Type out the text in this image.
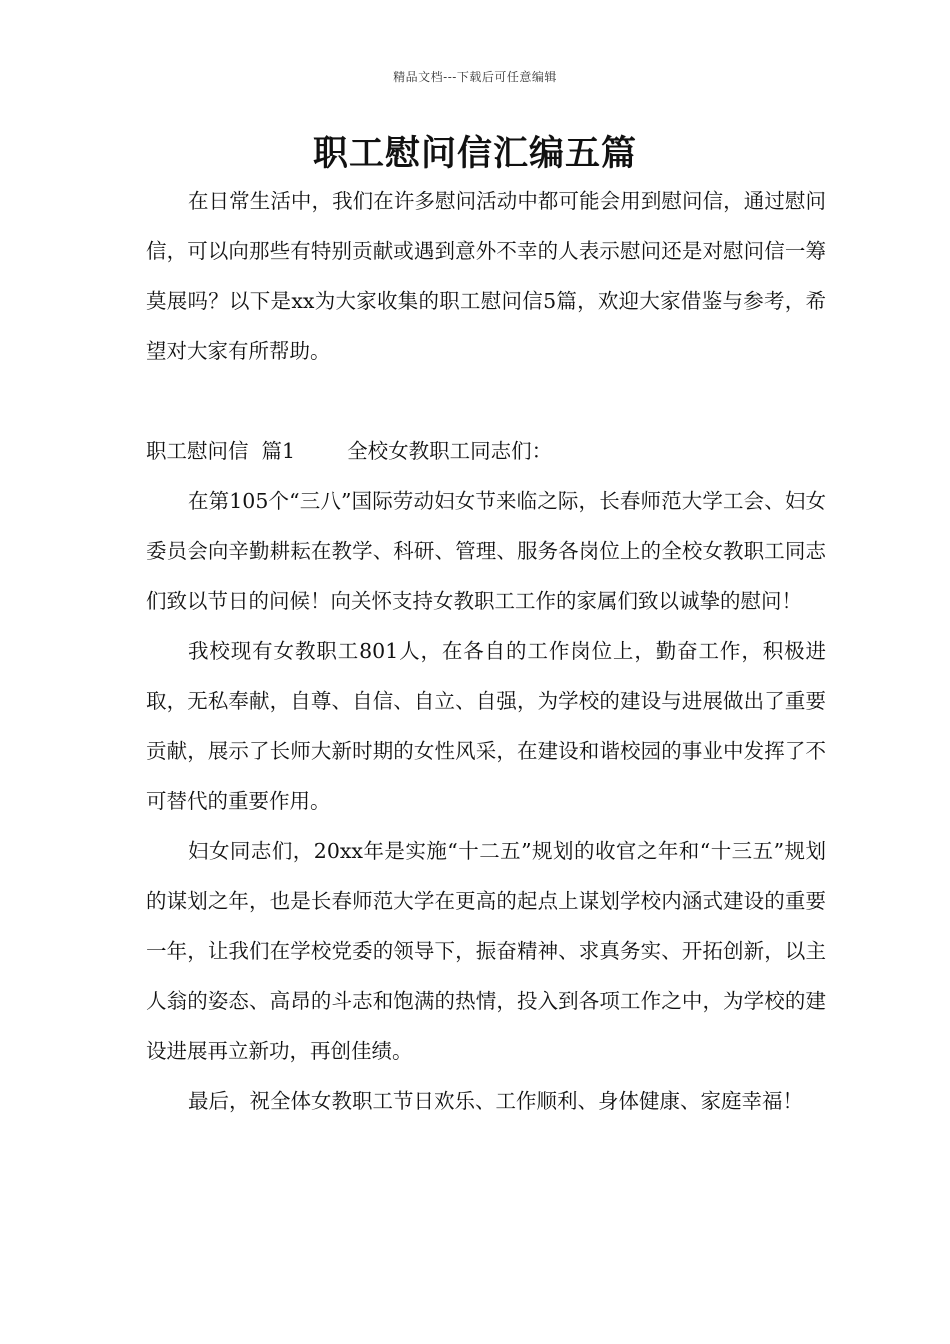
精品文档---下载后可任意编辑
职工慰问信汇编五篇

在日常生活中，我们在许多慰问活动中都可能会用到慰问信，通过慰问信，可以向那些有特别贡献或遇到意外不幸的人表示慰问还是对慰问信一筹莫展吗？以下是xx为大家收集的职工慰问信5篇，欢迎大家借鉴与参考，希望对大家有所帮助。

职工慰问信  篇1	全校女教职工同志们：

在第105个“三八”国际劳动妇女节来临之际，长春师范大学工会、妇女委员会向辛勤耕耘在教学、科研、管理、服务各岗位上的全校女教职工同志们致以节日的问候！向关怀支持女教职工工作的家属们致以诚挚的慰问！

我校现有女教职工801人，在各自的工作岗位上，勤奋工作，积极进取，无私奉献，自尊、自信、自立、自强，为学校的建设与进展做出了重要贡献，展示了长师大新时期的女性风采，在建设和谐校园的事业中发挥了不可替代的重要作用。

妇女同志们，20xx年是实施“十二五”规划的收官之年和“十三五”规划的谋划之年，也是长春师范大学在更高的起点上谋划学校内涵式建设的重要一年，让我们在学校党委的领导下，振奋精神、求真务实、开拓创新，以主人翁的姿态、高昂的斗志和饱满的热情，投入到各项工作之中，为学校的建设进展再立新功，再创佳绩。

最后，祝全体女教职工节日欢乐、工作顺利、身体健康、家庭幸福！
